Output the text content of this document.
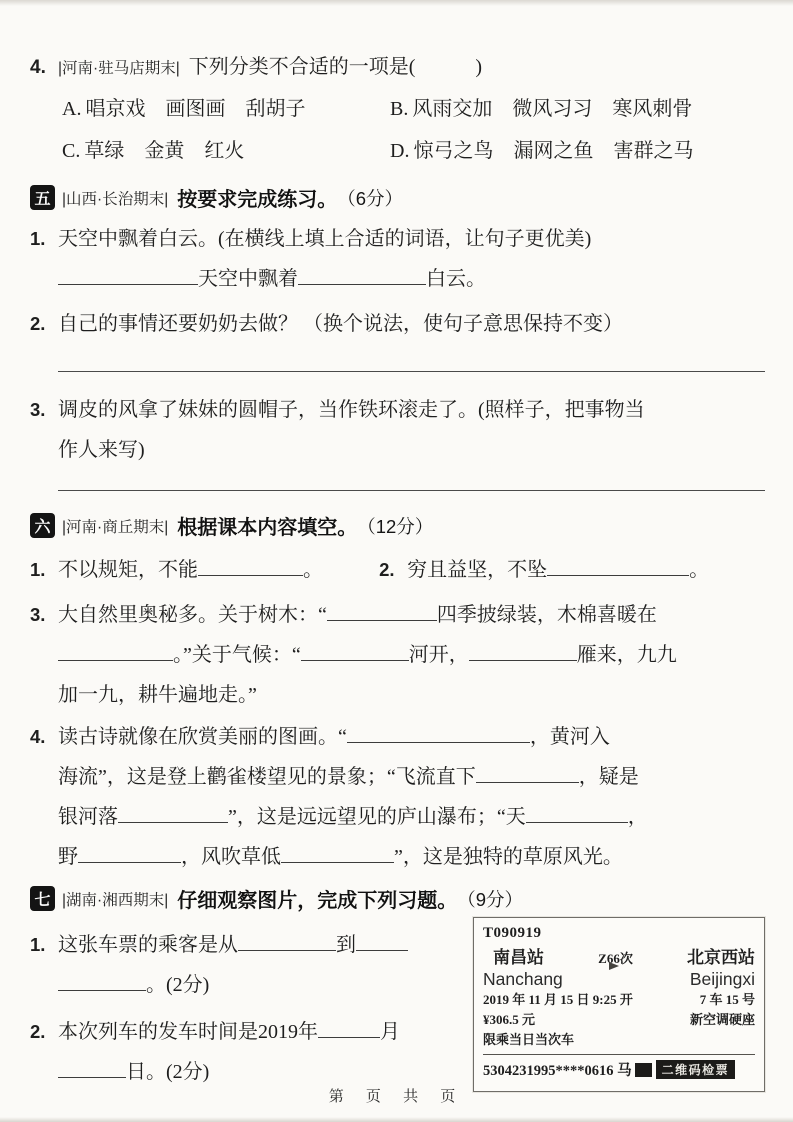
4. |河南·驻马店期末| 下列分类不合适的一项是(　　　)
A. 唱京戏　画图画　刮胡子	B. 风雨交加　微风习习　寒风刺骨
C. 草绿　金黄　红火	D. 惊弓之鸟　漏网之鱼　害群之马
五 |山西·长治期末| 按要求完成练习。 （6分）
1. 天空中飘着白云。(在横线上填上合适的词语，让句子更优美)
天空中飘着	白云。
2. 自己的事情还要奶奶去做？ （换个说法，使句子意思保持不变）
3. 调皮的风拿了妹妹的圆帽子，当作铁环滚走了。(照样子，把事物当
作人来写)
六 |河南·商丘期末| 根据课本内容填空。 （12分）
1. 不以规矩，不能	。	2. 穷且益坚，不坠	。
3. 大自然里奥秘多。关于树木：“	四季披绿装，木棉喜暖在
。”关于气候：“	河开，	雁来，九九
加一九，耕牛遍地走。”
4. 读古诗就像在欣赏美丽的图画。“	，黄河入
海流”，这是登上鹳雀楼望见的景象；“飞流直下	，疑是
银河落	”，这是远远望见的庐山瀑布；“天	，
野	，风吹草低	”，这是独特的草原风光。
七 |湖南·湘西期末| 仔细观察图片，完成下列习题。 （9分）
1. 这张车票的乘客是从	到
。(2分)
2. 本次列车的发车时间是2019年	月
日。(2分)
T090919
南昌站	Z66次	北京西站
Nanchang	Beijingxi
2019 年 11 月 15 日 9:25 开	7 车 15 号
¥306.5 元	新空调硬座
限乘当日当次车
5304231995****0616 马	二维码检票
第 页 共 页
